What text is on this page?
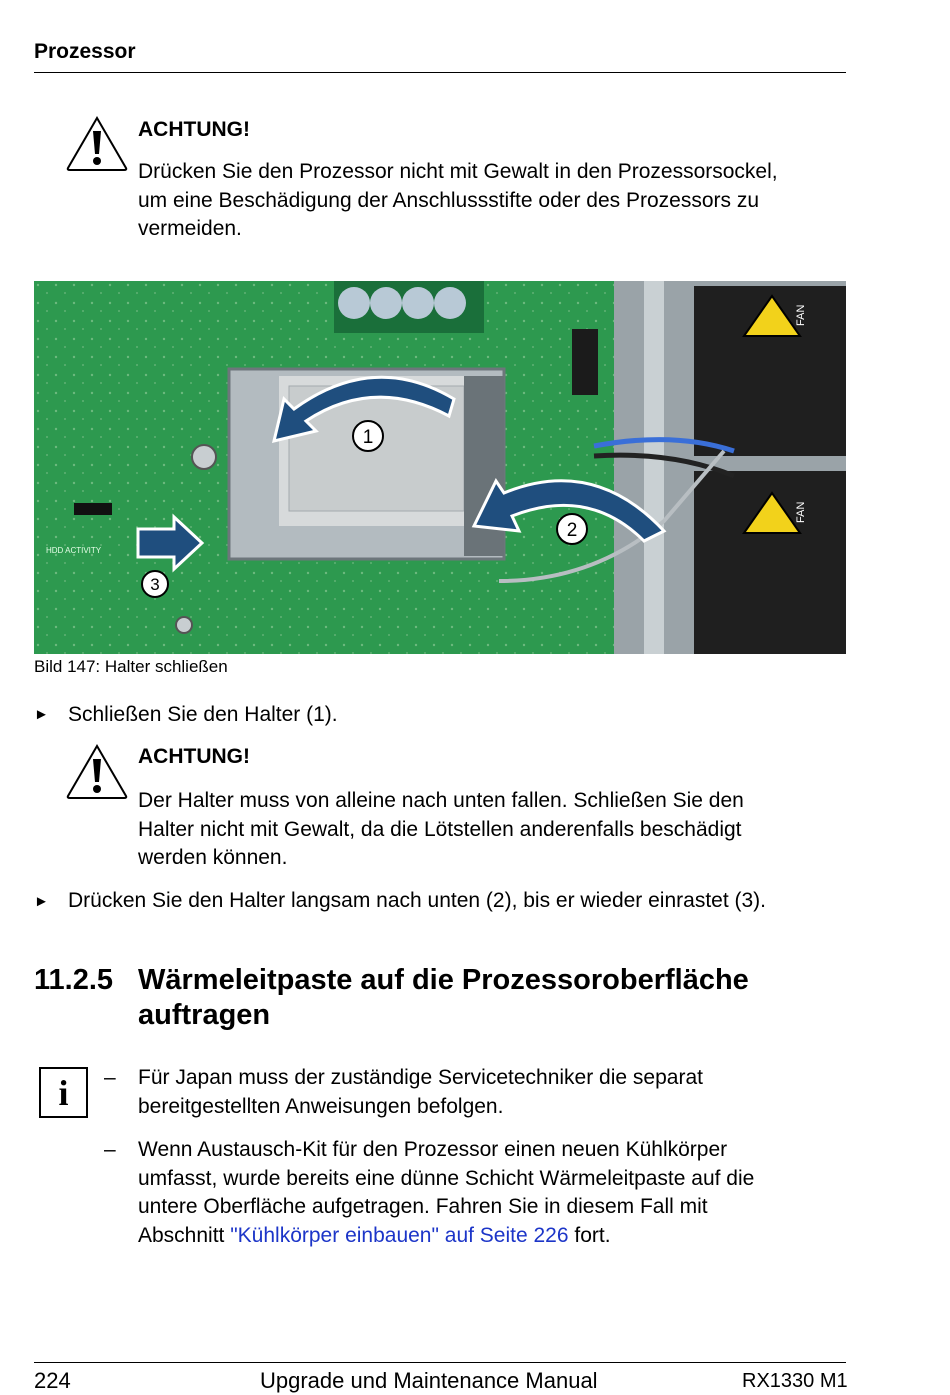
Prozessor
ACHTUNG!
Drücken Sie den Prozessor nicht mit Gewalt in den Prozessorsockel,
um eine Beschädigung der Anschlussstifte oder des Prozessors zu
vermeiden.
FAN
FAN
HDD ACTIVITY
1
2
3
Bild 147: Halter schließen
► Schließen Sie den Halter (1).
ACHTUNG!
Der Halter muss von alleine nach unten fallen. Schließen Sie den
Halter nicht mit Gewalt, da die Lötstellen anderenfalls beschädigt
werden können.
► Drücken Sie den Halter langsam nach unten (2), bis er wieder einrastet (3).
11.2.5 Wärmeleitpaste auf die Prozessoroberfläche
auftragen
i	– Für Japan muss der zuständige Servicetechniker die separat
bereitgestellten Anweisungen befolgen.
– Wenn Austausch-Kit für den Prozessor einen neuen Kühlkörper
umfasst, wurde bereits eine dünne Schicht Wärmeleitpaste auf die
untere Oberfläche aufgetragen. Fahren Sie in diesem Fall mit
Abschnitt "Kühlkörper einbauen" auf Seite 226 fort.
224	Upgrade und Maintenance Manual	RX1330 M1
